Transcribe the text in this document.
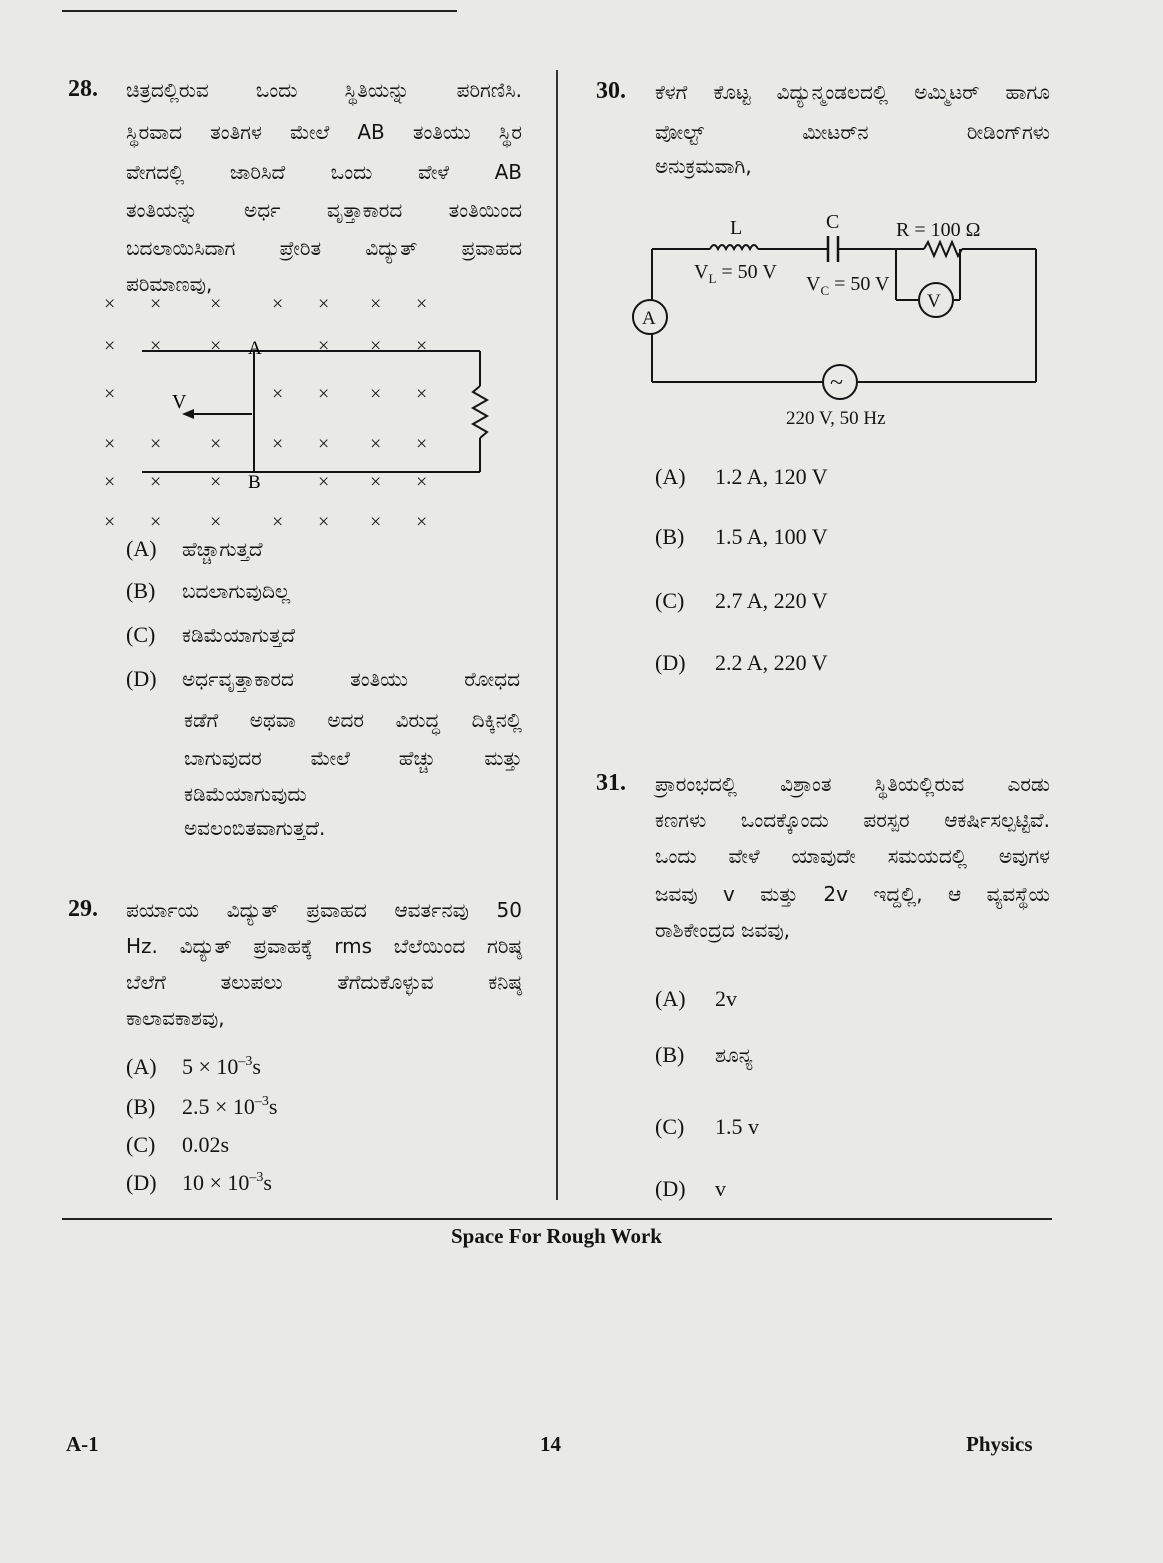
28. ಚಿತ್ರದಲ್ಲಿರುವ ಒಂದು ಸ್ಥಿತಿಯನ್ನು ಪರಿಗಣಿಸಿ.
ಸ್ಥಿರವಾದ ತಂತಿಗಳ ಮೇಲೆ AB ತಂತಿಯು ಸ್ಥಿರ
ವೇಗದಲ್ಲಿ ಜಾರಿಸಿದೆ ಒಂದು ವೇಳೆ AB
ತಂತಿಯನ್ನು ಅರ್ಧ ವೃತ್ತಾಕಾರದ ತಂತಿಯಿಂದ
ಬದಲಾಯಿಸಿದಾಗ ಪ್ರೇರಿತ ವಿದ್ಯುತ್ ಪ್ರವಾಹದ
ಪರಿಮಾಣವು,
× × ×	× × × ×
× × ×	× × ×
×	× × × ×
× × ×	× × × ×
× × ×	× × ×
× × ×	× × × ×
V
A
B
(A) ಹೆಚ್ಚಾಗುತ್ತದೆ
(B) ಬದಲಾಗುವುದಿಲ್ಲ
(C) ಕಡಿಮೆಯಾಗುತ್ತದೆ
(D) ಅರ್ಧವೃತ್ತಾಕಾರದ ತಂತಿಯು ರೋಧದ
ಕಡೆಗೆ ಅಥವಾ ಅದರ ವಿರುದ್ಧ ದಿಕ್ಕಿನಲ್ಲಿ
ಬಾಗುವುದರ ಮೇಲೆ ಹೆಚ್ಚು ಮತ್ತು
ಕಡಿಮೆಯಾಗುವುದು
ಅವಲಂಬಿತವಾಗುತ್ತದೆ.
29. ಪರ್ಯಾಯ ವಿದ್ಯುತ್ ಪ್ರವಾಹದ ಆವರ್ತನವು 50
Hz. ವಿದ್ಯುತ್ ಪ್ರವಾಹಕ್ಕೆ rms ಬೆಲೆಯಿಂದ ಗರಿಷ್ಠ
ಬೆಲೆಗೆ ತಲುಪಲು ತೆಗೆದುಕೊಳ್ಳುವ ಕನಿಷ್ಠ
ಕಾಲಾವಕಾಶವು,
(A) $5 \times 10^{-3}s$
(B) $2.5 \times 10^{-3}s$
(C) 0.02s
(D) $10 \times 10^{-3}s$
30. ಕೆಳಗೆ ಕೊಟ್ಟ ವಿದ್ಯುನ್ಮಂಡಲದಲ್ಲಿ ಅಮ್ಮಿಟರ್ ಹಾಗೂ
ವೋಲ್ಟ್ ಮೀಟರ್‌ನ ರೀಡಿಂಗ್‌ಗಳು
ಅನುಕ್ರಮವಾಗಿ,
V
~
A
L	C	R = 100 Ω
$V_L = 50$ V
$V_C = 50$ V
220 V, 50 Hz
(A) 1.2 A, 120 V
(B) 1.5 A, 100 V
(C) 2.7 A, 220 V
(D) 2.2 A, 220 V
31. ಪ್ರಾರಂಭದಲ್ಲಿ ವಿಶ್ರಾಂತ ಸ್ಥಿತಿಯಲ್ಲಿರುವ ಎರಡು
ಕಣಗಳು ಒಂದಕ್ಕೊಂದು ಪರಸ್ಪರ ಆಕರ್ಷಿಸಲ್ಪಟ್ಟಿವೆ.
ಒಂದು ವೇಳೆ ಯಾವುದೇ ಸಮಯದಲ್ಲಿ ಅವುಗಳ
ಜವವು v ಮತ್ತು 2v ಇದ್ದಲ್ಲಿ, ಆ ವ್ಯವಸ್ಥೆಯ
ರಾಶಿಕೇಂದ್ರದ ಜವವು,
(A) 2v
(B) ಶೂನ್ಯ
(C) 1.5 v
(D) v
Space For Rough Work
A-1	14	Physics
